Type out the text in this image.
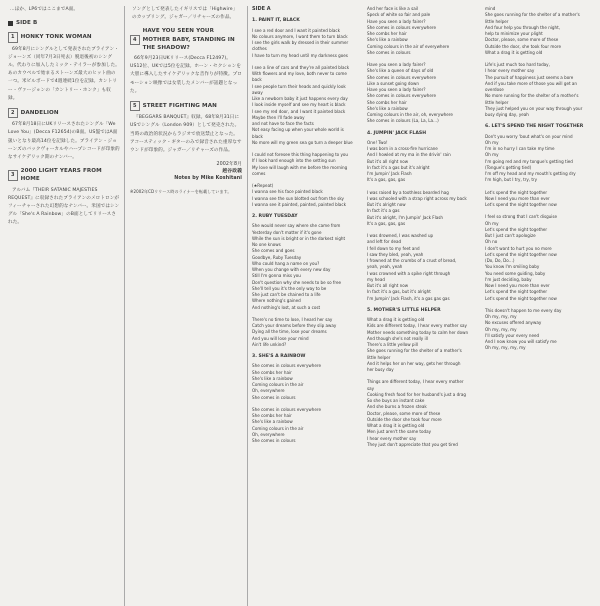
…ほか、LP6ではここまでA面。
SIDE B
1	HONKY TONK WOMAN
69年8月にシングルとして発表されたブライアン・ジョーンズ（同年7月3日死去）脱退後初のシングル。代わりに加入したミック・テイラーが参加した。あのカウベルで始まるストーンズ最大のヒット曲の一つ。米ビルボードで4週連続1位を記録。カントリー・ヴァージョンの「カントリー・ホンク」も収録。
2	DANDELION
67年8月18日にUKリリースされたシングル「We Love You」(Decca F12654)のB面。US盤ではA面扱いとなり最高14位を記録した。ブライアン・ジョーンズのバックヴォーカルやハープシコードが印象的なサイケデリック期のナンバー。
3
2000 LIGHT YEARS FROM HOME
アルバム『THEIR SATANIC MAJESTIES REQUEST』に収録されたブライアンのメロトロンがフィーチャーされた幻想的なナンバー。米国ではシングル「She's A Rainbow」のB面としてリリースされた。
ソングとして発表したイギリスでは「Highwire」のカップリング。ジャガー／リチャーズの作品。
4
HAVE YOU SEEN YOUR MOTHER BABY, STANDING IN THE SHADOW?
66年9月23日UKリリース(Decca F12497)。US12位、UKでは5位を記録。ホーン・セクションを大胆に導入したサイケデリックな音作りが特徴。プロモーション映像では女装したメンバーが話題となった。
5	STREET FIGHTING MAN
『BEGGARS BANQUET』収録。68年8月31日にUSでシングル（London 909）として発売された。当時の政治的状況からラジオで放送禁止となった。アコースティック・ギターのみで録音された重厚なサウンドが印象的。ジャガー／リチャーズの作品。
2002年8月
越谷政義
Notes by Mike Koshitani
※2002年CDリリース時のライナーを転載しています。
SIDE A
1. PAINT IT, BLACK
I see a red door and I want it painted black
No colours anymore, I want them to turn black
I see the girls walk by dressed in their summer
clothes
I have to turn my head until my darkness goes
I see a line of cars and they're all painted black
With flowers and my love, both never to come
back
I see people turn their heads and quickly look
away
Like a newborn baby it just happens every day
I look inside myself and see my heart is black
I see my red door, and I want it painted black
Maybe then I'll fade away
and not have to face the facts
Not easy facing up when your whole world is
black
No more will my green sea go turn a deeper blue
I could not foresee this thing happening to you
If I look hard enough into the setting sun
My love will laugh with me before the morning
comes
(★Repeat)
I wanna see his face painted black
I wanna see the sun blotted out from the sky
I wanna see it painted, painted, painted black
2. RUBY TUESDAY
She would never say where she came from
Yesterday don't matter if it's gone
While the sun is bright or in the darkest night
No one knows
She comes and goes
Goodbye, Ruby Tuesday
Who could hang a name on you?
When you change with every new day
Still I'm gonna miss you
Don't question why she needs to be so free
She'll tell you it's the only way to be
She just can't be chained to a life
Where nothing's gained
And nothing's lost, at such a cost
There's no time to lose, I heard her say
Catch your dreams before they slip away
Dying all the time, lose your dreams
And you will lose your mind
Ain't life unkind?
3. SHE'S A RAINBOW
She comes in colours everywhere
She combs her hair
She's like a rainbow
Coming colours in the air
Oh, everywhere
She comes in colours
She comes in colours everywhere
She combs her hair
She's like a rainbow
Coming colours in the air
Oh, everywhere
She comes in colours
And her face is like a sail
Speck of white so fair and pale
Have you seen a lady fairer?
She comes in colours everywhere
She combs her hair
She's like a rainbow
Coming colours in the air of everywhere
She comes in colours
Have you seen a lady fairer?
She's like a queen of days of old
She comes in colours everywhere
Like a sunset going down
Have you seen a lady fairer?
She comes in colours everywhere
She combs her hair
She's like a rainbow
Coming colours in the air, oh, everywhere
She comes in colours (La, La, La…)
4. JUMPIN' JACK FLASH
One! Two!
I was born in a cross-fire hurricane
And I howled at my ma in the drivin' rain
But it's all right now
In fact it's a gas but it's alright
I'm Jumpin' Jack Flash
It's a gas, gas, gas
I was raised by a toothless bearded hag
I was schooled with a strap right across my back
But it's alright now
In fact it's a gas
But it's alright, I'm Jumpin' Jack Flash
It's a gas, gas, gas
I was drowned, I was washed up
and left for dead
I fell down to my feet and
I saw they bled, yeah, yeah
I frowned at the crumbs of a crust of bread,
yeah, yeah, yeah
I was crowned with a spike right through
my head
But it's all right now
In fact it's a gas, but it's alright
I'm Jumpin' Jack Flash, it's a gas gas gas
5. MOTHER'S LITTLE HELPER
What a drag it is getting old
Kids are different today, I hear every mother say
Mother needs something today to calm her down
And though she's not really ill
There's a little yellow pill
She goes running for the shelter of a mother's
little helper
And it helps her on her way, gets her through
her busy day
Things are different today, I hear every mother
say
Cooking fresh food for her husband's just a drag
So she buys an instant cake
And she burns a frozen steak
Doctor, please, some more of these
Outside the door she took four more
What a drag it is getting old
Men just aren't the same today
I hear every mother say
They just don't appreciate that you get tired
mind
She goes running for the shelter of a mother's
little helper
And four help you through the night,
help to minimize your plight
Doctor, please, some more of these
Outside the door, she took four more
What a drag it is getting old
Life's just much too hard today,
I hear every mother say
The pursuit of happiness just seems a bore
And if you take more of those you will get an
overdose
No more running for the shelter of a mother's
little helper
They just helped you on your way through your
busy dying day, yeah
6. LET'S SPEND THE NIGHT TOGETHER
Don't you worry 'bout what's on your mind
Oh my
I'm in no hurry I can take my time
Oh my
I'm going red and my tongue's getting tied
(Tongue's getting tied)
I'm off my head and my mouth's getting dry
I'm high, but I try, try, try
Let's spend the night together
Now I need you more than ever
Let's spend the night together now
I feel so strong that I can't disguise
Oh my
Let's spend the night together
But I just can't apologize
Oh no
I don't want to hurt you no more
Let's spend the night together now
(Do, Do, Do…)
You know I'm smiling baby
You need some guiding, baby
I'm just deciding, baby
Now I need you more than ever
Let's spend the night together
Let's spend the night together now
This doesn't happen to me every day
Oh my, my, my
No excuses offered anyway
Oh my, my, my
I'll satisfy your every need
And I now know you will satisfy me
Oh my, my, my, my
